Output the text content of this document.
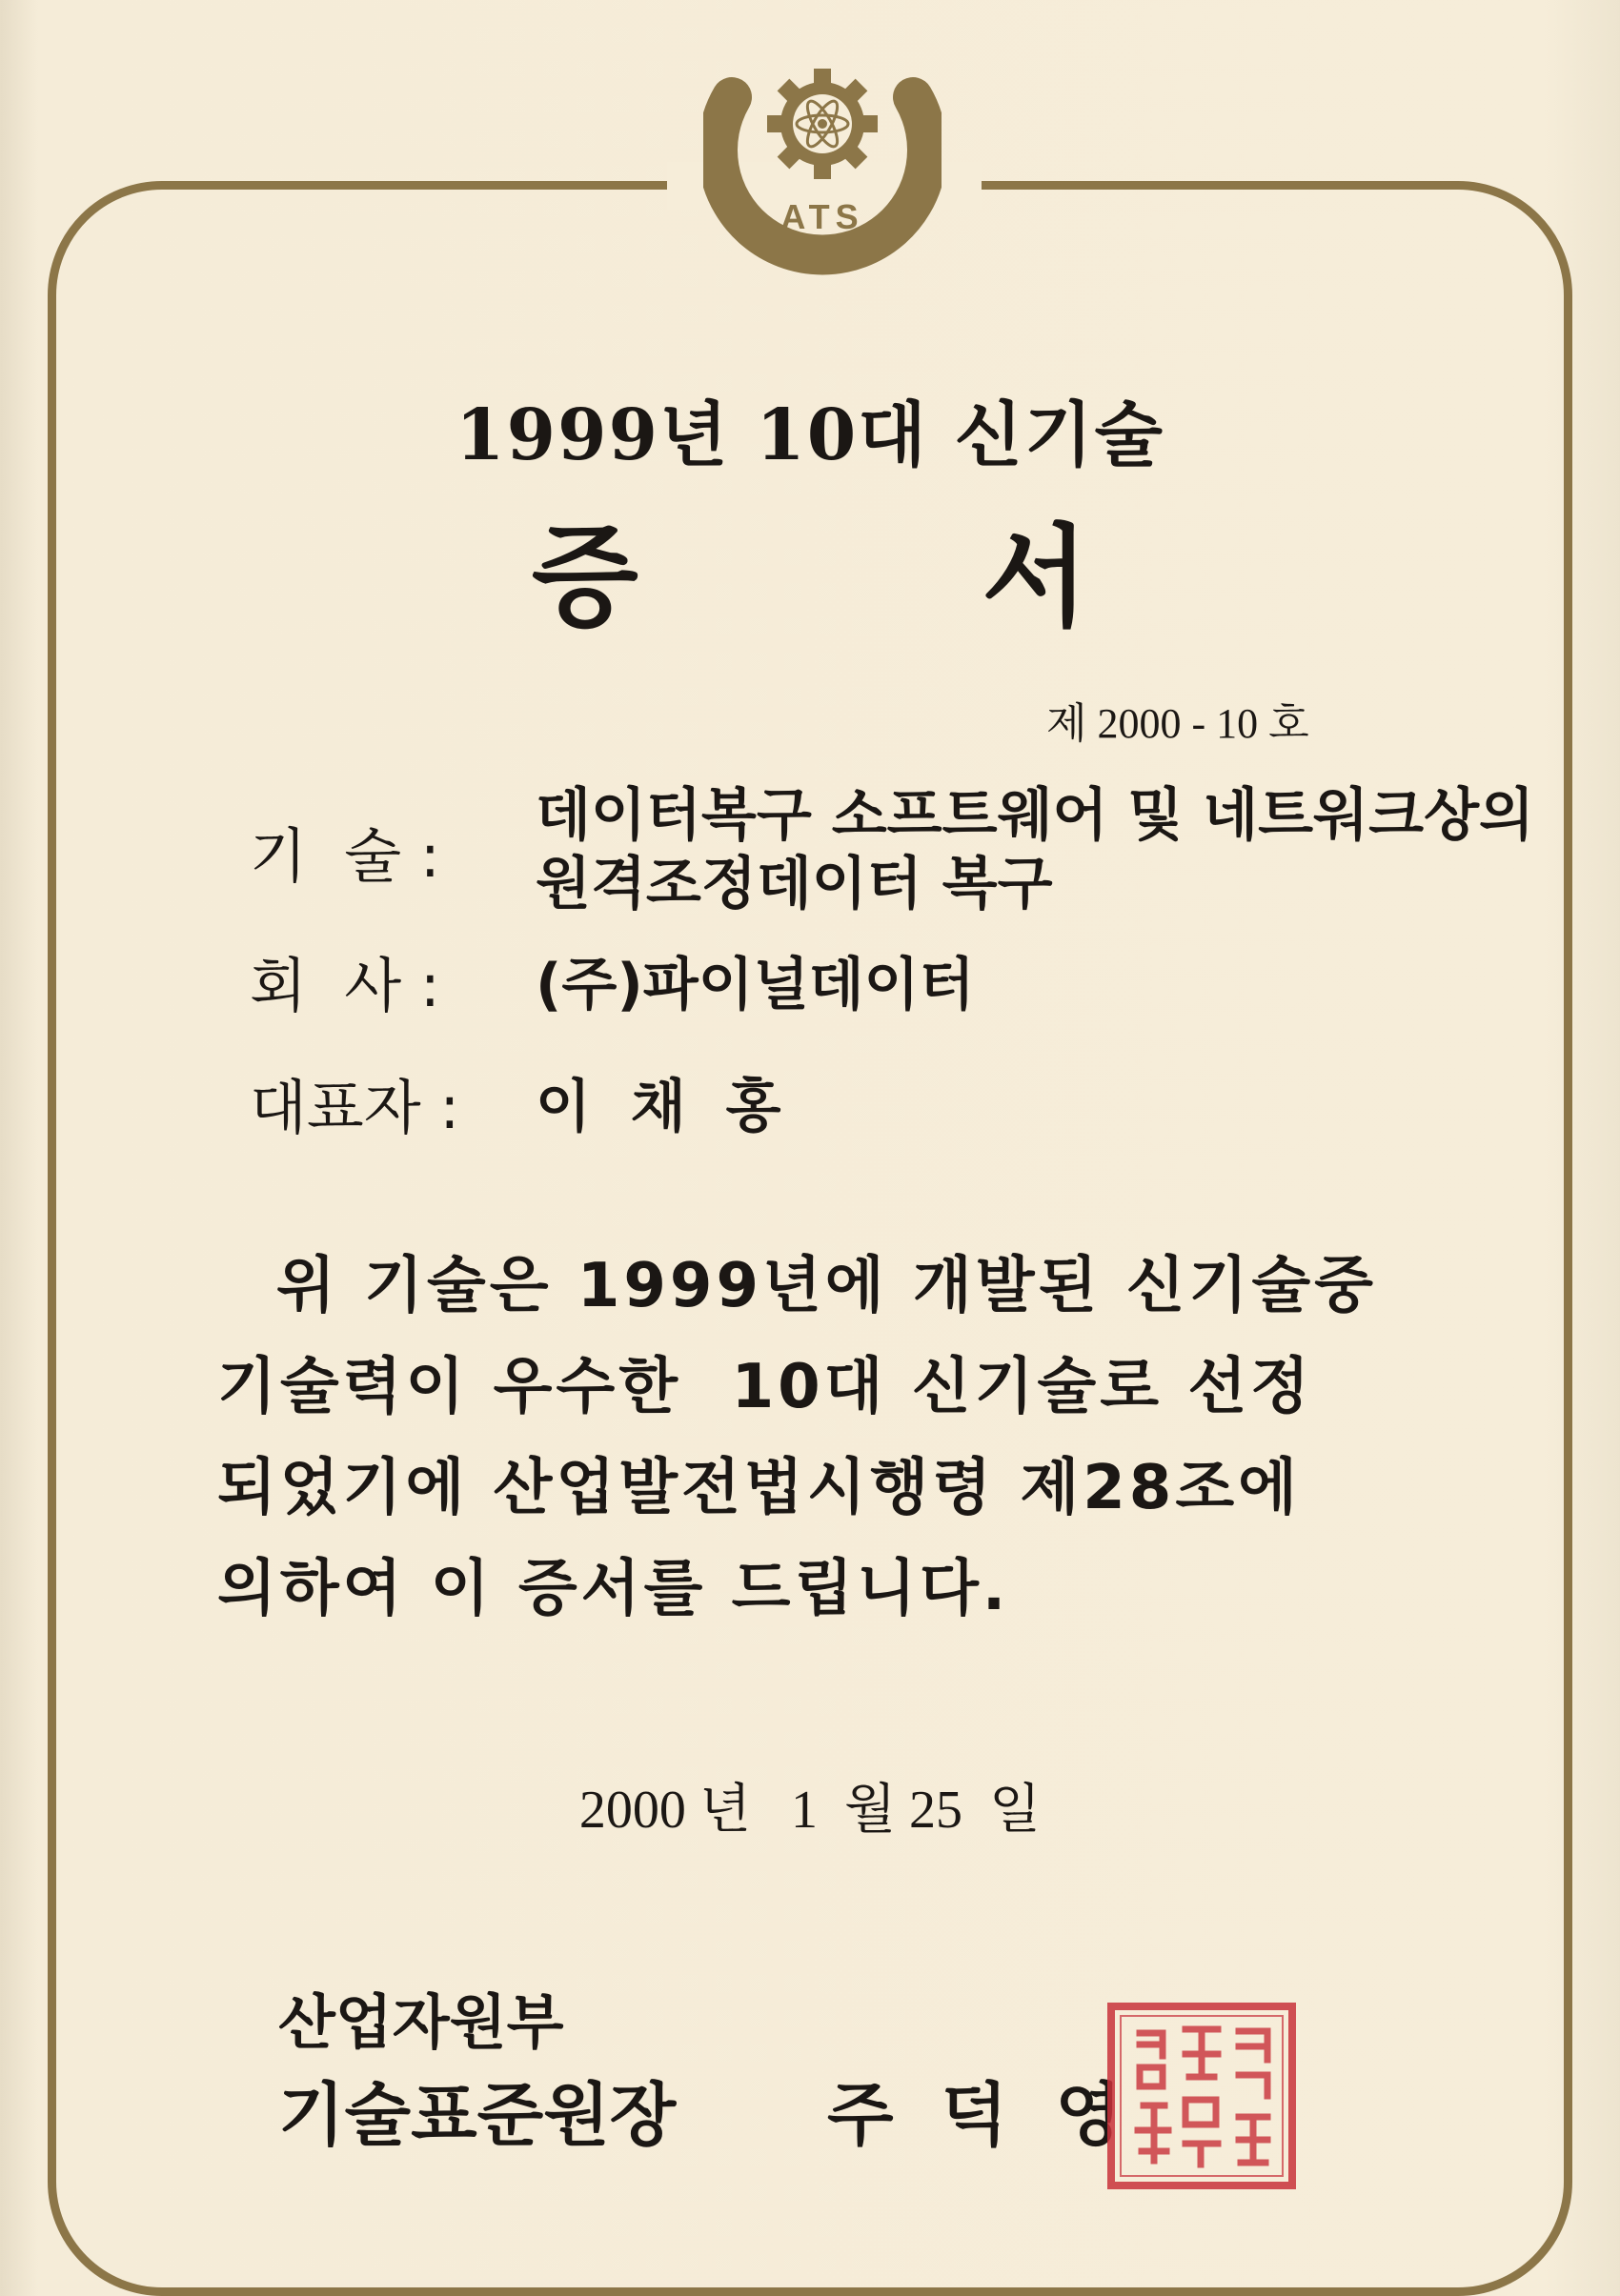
ATS
1999년 10대 신기술
증 서
제 2000 - 10 호
기  술 :
데이터복구 소프트웨어 및 네트워크상의
원격조정데이터 복구
회  사 : (주)파이널데이터
대표자 : 이  채  홍
위 기술은 1999년에 개발된 신기술중
기술력이 우수한  10대 신기술로 선정
되었기에 산업발전법시행령 제28조에
의하여 이 증서를 드립니다.
2000 년   1  월 25  일
산업자원부
기술표준원장 주  덕  영
